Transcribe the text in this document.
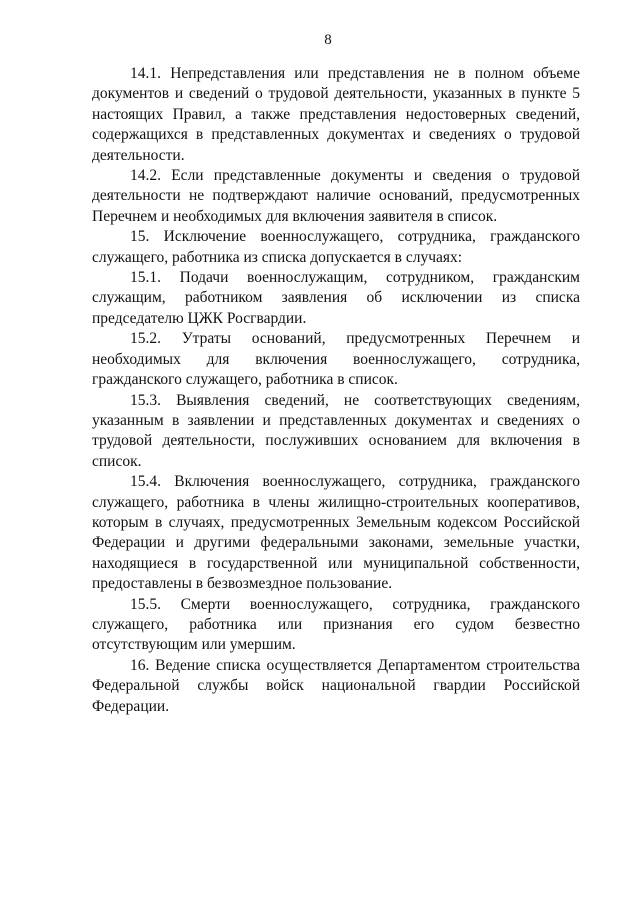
8

14.1. Непредставления или представления не в полном объеме документов и сведений о трудовой деятельности, указанных в пункте 5 настоящих Правил, а также представления недостоверных сведений, содержащихся в представленных документах и сведениях о трудовой деятельности.

14.2. Если представленные документы и сведения о трудовой деятельности не подтверждают наличие оснований, предусмотренных Перечнем и необходимых для включения заявителя в список.

15. Исключение военнослужащего, сотрудника, гражданского служащего, работника из списка допускается в случаях:

15.1. Подачи военнослужащим, сотрудником, гражданским служащим, работником заявления об исключении из списка председателю ЦЖК Росгвардии.

15.2. Утраты оснований, предусмотренных Перечнем и необходимых для включения военнослужащего, сотрудника, гражданского служащего, работника в список.

15.3. Выявления сведений, не соответствующих сведениям, указанным в заявлении и представленных документах и сведениях о трудовой деятельности, послуживших основанием для включения в список.

15.4. Включения военнослужащего, сотрудника, гражданского служащего, работника в члены жилищно-строительных кооперативов, которым в случаях, предусмотренных Земельным кодексом Российской Федерации и другими федеральными законами, земельные участки, находящиеся в государственной или муниципальной собственности, предоставлены в безвозмездное пользование.

15.5. Смерти военнослужащего, сотрудника, гражданского служащего, работника или признания его судом безвестно отсутствующим или умершим.

16. Ведение списка осуществляется Департаментом строительства Федеральной службы войск национальной гвардии Российской Федерации.
